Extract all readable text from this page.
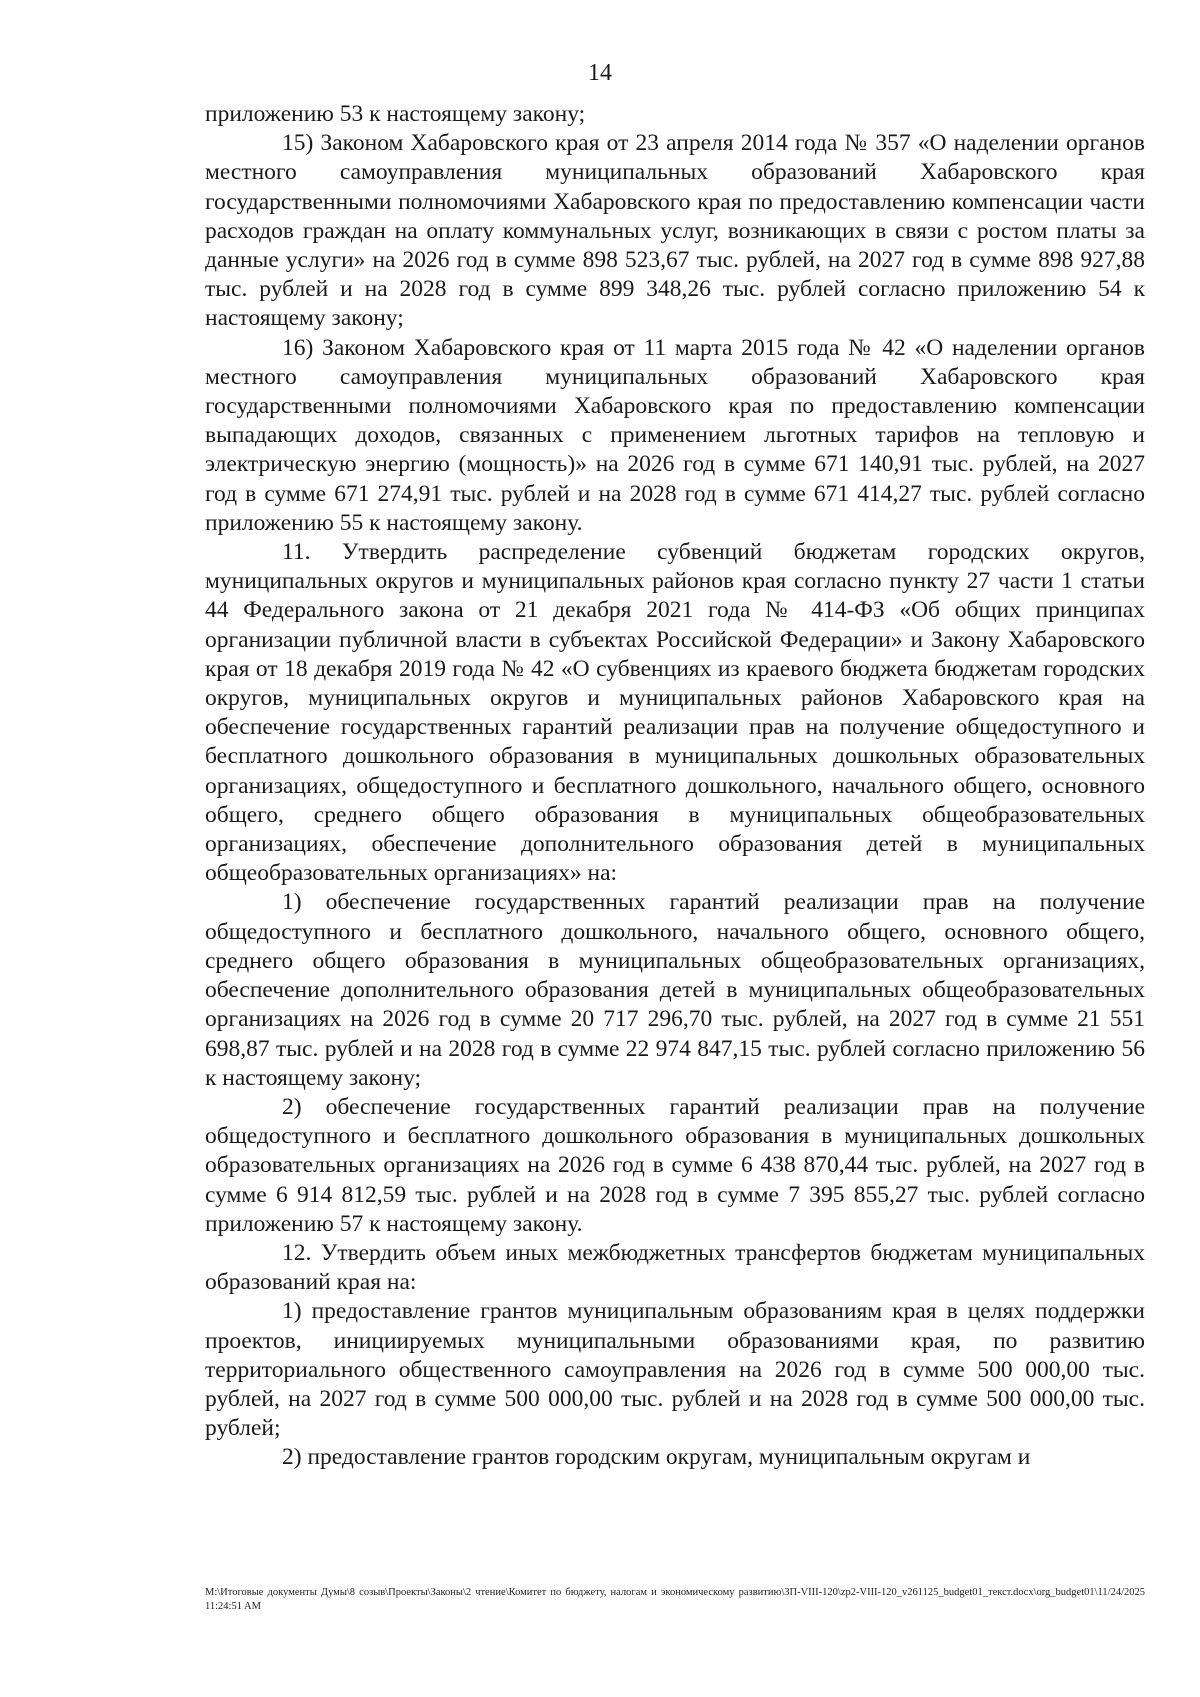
14

приложению 53 к настоящему закону;

15) Законом Хабаровского края от 23 апреля 2014 года № 357 «О наделении органов местного самоуправления муниципальных образований Хабаровского края государственными полномочиями Хабаровского края по предоставлению компенсации части расходов граждан на оплату коммунальных услуг, возникающих в связи с ростом платы за данные услуги» на 2026 год в сумме 898 523,67 тыс. рублей, на 2027 год в сумме 898 927,88 тыс. рублей и на 2028 год в сумме 899 348,26 тыс. рублей согласно приложению 54 к настоящему закону;

16) Законом Хабаровского края от 11 марта 2015 года № 42 «О наделении органов местного самоуправления муниципальных образований Хабаровского края государственными полномочиями Хабаровского края по предоставлению компенсации выпадающих доходов, связанных с применением льготных тарифов на тепловую и электрическую энергию (мощность)» на 2026 год в сумме 671 140,91 тыс. рублей, на 2027 год в сумме 671 274,91 тыс. рублей и на 2028 год в сумме 671 414,27 тыс. рублей согласно приложению 55 к настоящему закону.

11. Утвердить распределение субвенций бюджетам городских округов, муниципальных округов и муниципальных районов края согласно пункту 27 части 1 статьи 44 Федерального закона от 21 декабря 2021 года № 414-ФЗ «Об общих принципах организации публичной власти в субъектах Российской Федерации» и Закону Хабаровского края от 18 декабря 2019 года № 42 «О субвенциях из краевого бюджета бюджетам городских округов, муниципальных округов и муниципальных районов Хабаровского края на обеспечение государственных гарантий реализации прав на получение общедоступного и бесплатного дошкольного образования в муниципальных дошкольных образовательных организациях, общедоступного и бесплатного дошкольного, начального общего, основного общего, среднего общего образования в муниципальных общеобразовательных организациях, обеспечение дополнительного образования детей в муниципальных общеобразовательных организациях» на:

1) обеспечение государственных гарантий реализации прав на получение общедоступного и бесплатного дошкольного, начального общего, основного общего, среднего общего образования в муниципальных общеобразовательных организациях, обеспечение дополнительного образования детей в муниципальных общеобразовательных организациях на 2026 год в сумме 20 717 296,70 тыс. рублей, на 2027 год в сумме 21 551 698,87 тыс. рублей и на 2028 год в сумме 22 974 847,15 тыс. рублей согласно приложению 56 к настоящему закону;

2) обеспечение государственных гарантий реализации прав на получение общедоступного и бесплатного дошкольного образования в муниципальных дошкольных образовательных организациях на 2026 год в сумме 6 438 870,44 тыс. рублей, на 2027 год в сумме 6 914 812,59 тыс. рублей и на 2028 год в сумме 7 395 855,27 тыс. рублей согласно приложению 57 к настоящему закону.

12. Утвердить объем иных межбюджетных трансфертов бюджетам муниципальных образований края на:

1) предоставление грантов муниципальным образованиям края в целях поддержки проектов, инициируемых муниципальными образованиями края, по развитию территориального общественного самоуправления на 2026 год в сумме 500 000,00 тыс. рублей, на 2027 год в сумме 500 000,00 тыс. рублей и на 2028 год в сумме 500 000,00 тыс. рублей;

2) предоставление грантов городским округам, муниципальным округам и

М:\Итоговые документы Думы\8 созыв\Проекты\Законы\2 чтение\Комитет по бюджету, налогам и экономическому развитию\ЗП-VIII-120\zp2-VIII-120_v261125_budget01_текст.docx\org_budget01\11/24/2025 11:24:51 AM
